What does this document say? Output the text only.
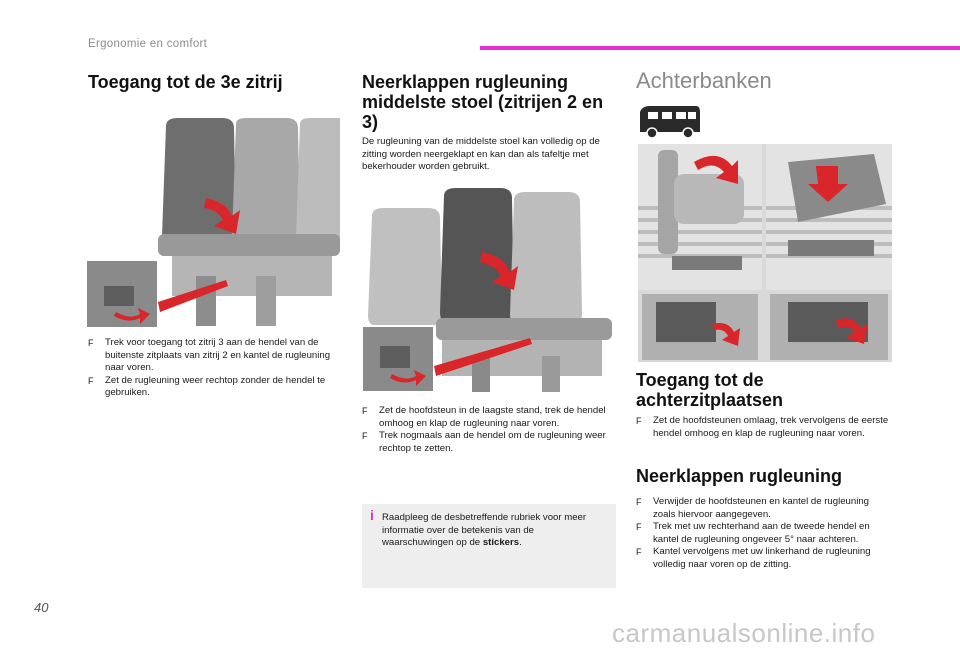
Ergonomie en comfort
Toegang tot de 3e zitrij
F Trek voor toegang tot zitrij 3 aan de hendel van de buitenste zitplaats van zitrij 2 en kantel de rugleuning naar voren.
F Zet de rugleuning weer rechtop zonder de hendel te gebruiken.
Neerklappen rugleuning middelste stoel (zitrijen 2 en 3)
De rugleuning van de middelste stoel kan volledig op de zitting worden neergeklapt en kan dan als tafeltje met bekerhouder worden gebruikt.
F Zet de hoofdsteun in de laagste stand, trek de hendel omhoog en klap de rugleuning naar voren.
F Trek nogmaals aan de hendel om de rugleuning weer rechtop te zetten.
i Raadpleeg de desbetreffende rubriek voor meer informatie over de betekenis van de waarschuwingen op de stickers.
Achterbanken
Toegang tot de achterzitplaatsen
F Zet de hoofdsteunen omlaag, trek vervolgens de eerste hendel omhoog en klap de rugleuning naar voren.
Neerklappen rugleuning
F Verwijder de hoofdsteunen en kantel de rugleuning zoals hiervoor aangegeven.
F Trek met uw rechterhand aan de tweede hendel en kantel de rugleuning ongeveer 5° naar achteren.
F Kantel vervolgens met uw linkerhand de rugleuning volledig naar voren op de zitting.
40
carmanualsonline.info
